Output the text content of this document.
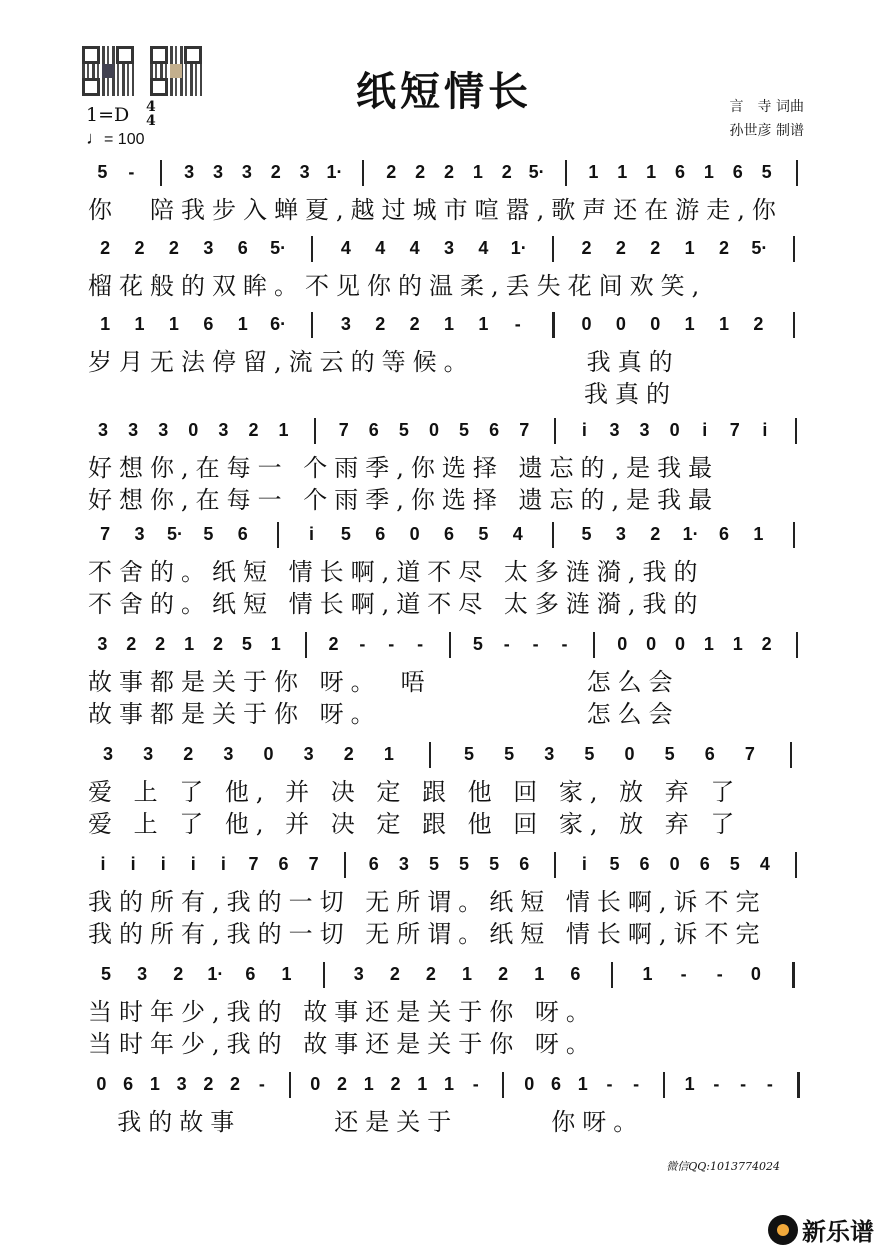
纸短情长
1=D 4
4
♩= 100
言　寺 词曲
孙世彦 制谱
5 -	3 3 3 2 3 1· 2 2 2 1 2 5· 1 1 1 6 1 6 5
你　陪我步入蝉夏,越过城市喧嚣,歌声还在游走,你
2 2 2 3 6 5·	4 4 4 3 4 1·	2 2 2 1 2 5·
榴花般的双眸。不见你的温柔,丢失花间欢笑,
1 1 1 6 1 6·	3 2 2 1 1 -	0 0 0 1 1 2
岁月无法停留,流云的等候。　　　　我真的
　　　　　　　　　　　　　　　　我真的
3 3 3 0 3 2 1	7 6 5 0 5 6 7	i 3 3 0 i 7 i
好想你,在每一 个雨季,你选择 遗忘的,是我最
好想你,在每一 个雨季,你选择 遗忘的,是我最
7 3 5· 5 6	i 5 6 0 6 5 4	5 3 2 1· 6 1
不舍的。纸短 情长啊,道不尽 太多涟漪,我的
不舍的。纸短 情长啊,道不尽 太多涟漪,我的
3 2 2 1 2 5 1	2 - - -	5 - - -	0 0 0 1 1 2
故事都是关于你 呀。　唔　　　　　怎么会
故事都是关于你 呀。　　　　　　　怎么会
3 3 2 3 0 3 2 1	5 5 3 5 0 5 6 7
爱 上 了 他, 并 决 定 跟 他 回 家, 放 弃 了
爱 上 了 他, 并 决 定 跟 他 回 家, 放 弃 了
i i i i i 7 6 7	6 3 5 5 5 6	i 5 6 0 6 5 4
我的所有,我的一切 无所谓。纸短 情长啊,诉不完
我的所有,我的一切 无所谓。纸短 情长啊,诉不完
5 3 2 1· 6 1	3 2 2 1 2 1 6	1 - - 0
当时年少,我的 故事还是关于你 呀。
当时年少,我的 故事还是关于你 呀。
0 6 1 3 2 2 -	0 2 1 2 1 1 -	0 6 1 - -	1 - - -
我的故事　　　还是关于　　　你呀。
微信QQ:1013774024
新乐谱
